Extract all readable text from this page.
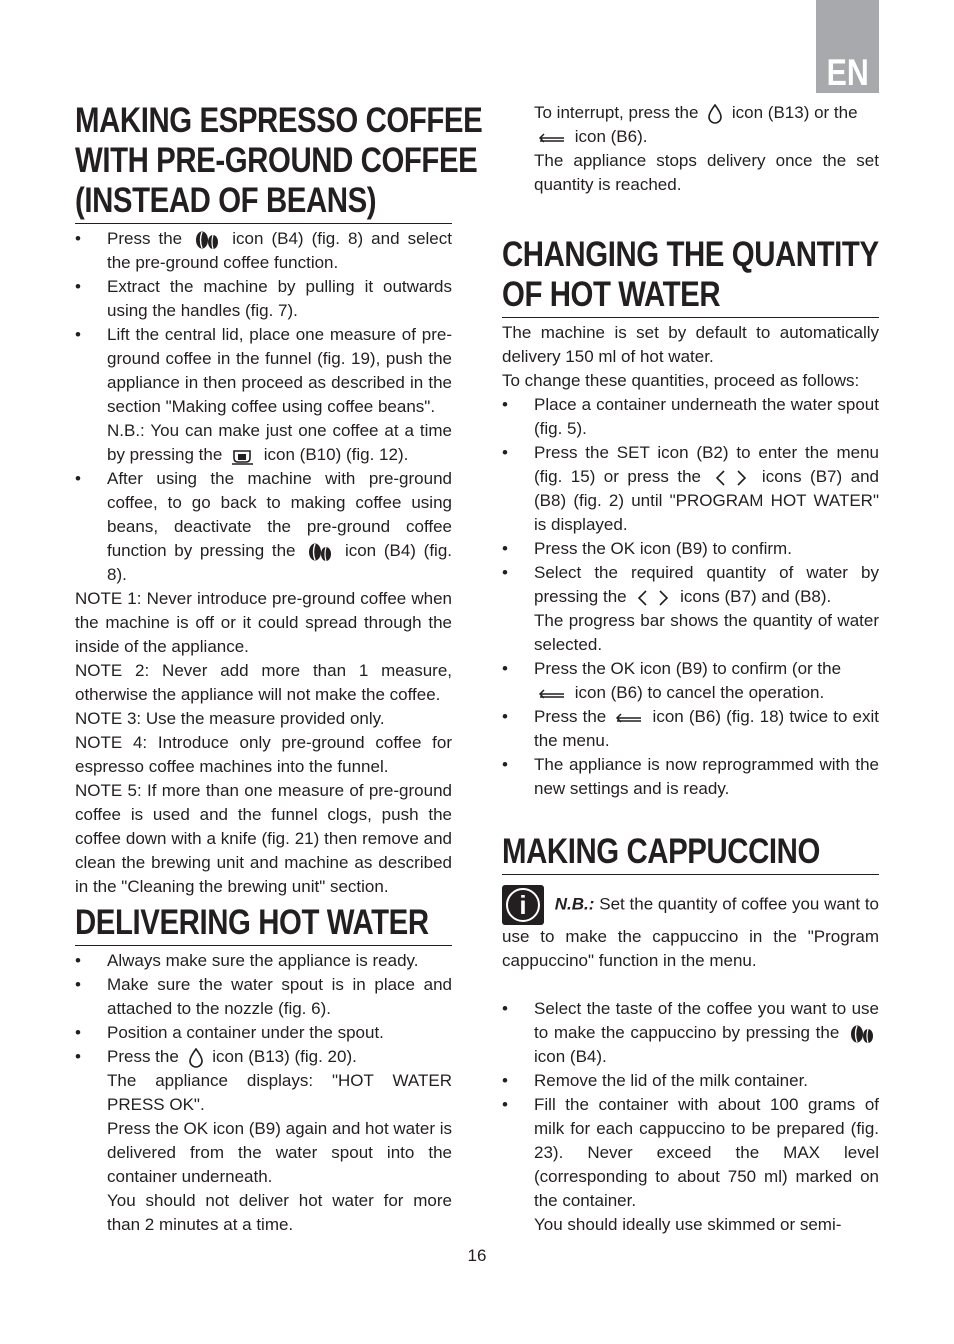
EN
MAKING ESPRESSO COFFEE
WITH PRE-GROUND COFFEE
(INSTEAD OF BEANS)
• Press the	icon (B4) (fig. 8) and select the pre-ground coffee function.
• Extract the machine by pulling it outwards using the handles (fig. 7).
• Lift the central lid, place one measure of pre-ground coffee in the funnel (fig. 19), push the appliance in then proceed as described in the section "Making coffee using coffee beans".
N.B.: You can make just one coffee at a time by pressing the icon (B10) (fig. 12).
• After using the machine with pre-ground coffee, to go back to making coffee using beans, deactivate the pre-ground coffee function by pressing the	icon (B4) (fig. 8).

NOTE 1: Never introduce pre-ground coffee when the machine is off or it could spread through the inside of the appliance.

NOTE 2: Never add more than 1 measure, otherwise the appliance will not make the coffee.

NOTE 3: Use the measure provided only.

NOTE 4: Introduce only pre-ground coffee for espresso coffee machines into the funnel.

NOTE 5: If more than one measure of pre-ground coffee is used and the funnel clogs, push the coffee down with a knife (fig. 21) then remove and clean the brewing unit and machine as described in the "Cleaning the brewing unit" section.

DELIVERING HOT WATER
• Always make sure the appliance is ready.
• Make sure the water spout is in place and attached to the nozzle (fig. 6).
• Position a container under the spout.
• Press the icon (B13) (fig. 20).
The appliance displays: "HOT WATER PRESS OK".
Press the OK icon (B9) again and hot water is delivered from the water spout into the container underneath.
You should not deliver hot water for more than 2 minutes at a time.
To interrupt, press the icon (B13) or the
icon (B6).
The appliance stops delivery once the set quantity is reached.
CHANGING THE QUANTITY
OF HOT WATER

The machine is set by default to automatically delivery 150 ml of hot water.

To change these quantities, proceed as follows:

• Place a container underneath the water spout (fig. 5).
• Press the SET icon (B2) to enter the menu (fig. 15) or press the	icons (B7) and (B8) (fig. 2) until "PROGRAM HOT WATER" is displayed.
• Press the OK icon (B9) to confirm.
• Select the required quantity of water by pressing the	icons (B7) and (B8).
The progress bar shows the quantity of water selected.
• Press the OK icon (B9) to confirm (or the
icon (B6) to cancel the operation.
• Press the	icon (B6) (fig. 18) twice to exit the menu.
• The appliance is now reprogrammed with the new settings and is ready.
MAKING CAPPUCCINO

i	N.B.: Set the quantity of coffee you want to use to make the cappuccino in the "Program cappuccino" function in the menu.

• Select the taste of the coffee you want to use to make the cappuccino by pressing the  icon (B4).
• Remove the lid of the milk container.
• Fill the container with about 100 grams of milk for each cappuccino to be prepared (fig. 23). Never exceed the MAX level (corresponding to about 750 ml) marked on the container.
You should ideally use skimmed or semi-
16
